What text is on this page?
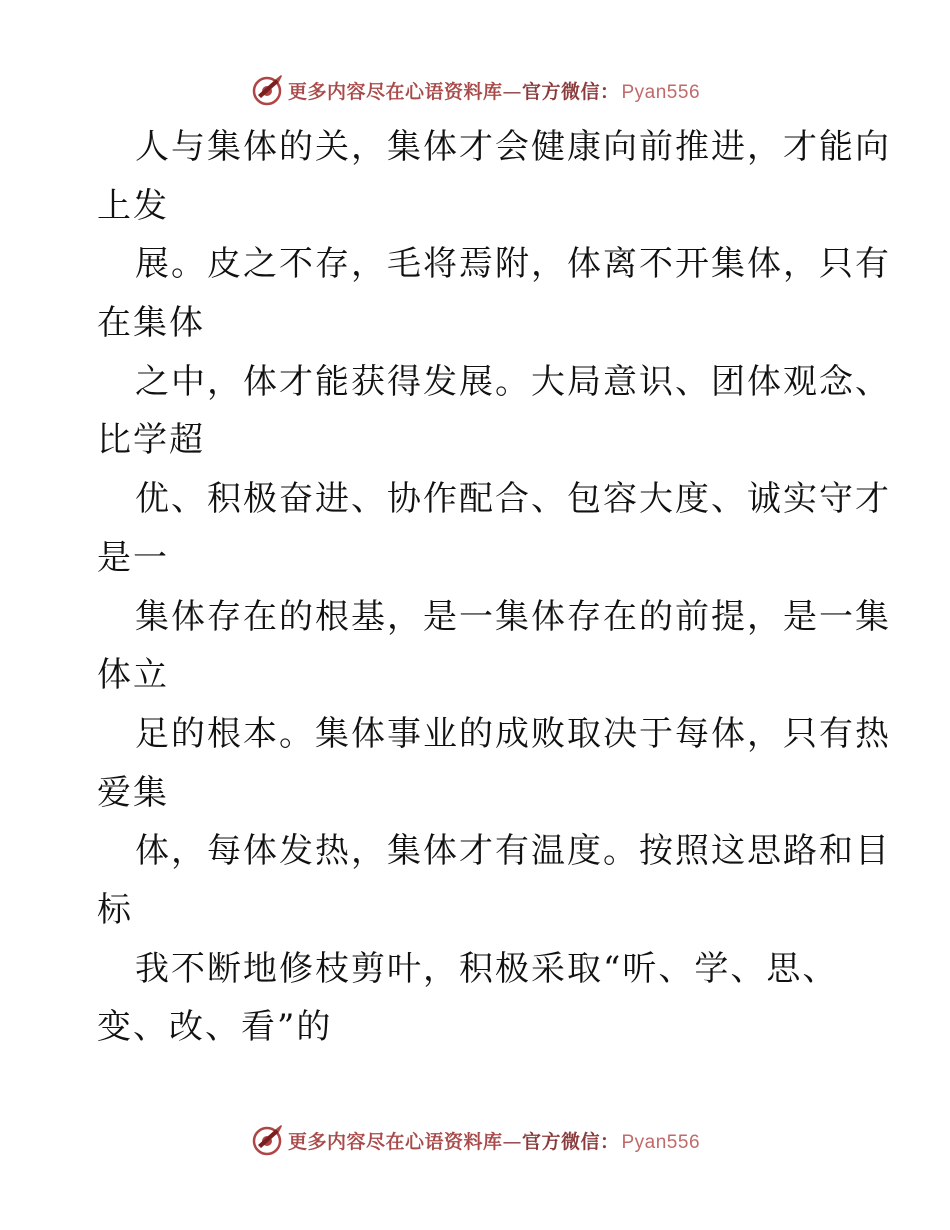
更多内容尽在心语资料库—官方微信： Pyan556
人与集体的关，集体才会健康向前推进，才能向
上发
展。皮之不存，毛将焉附，体离不开集体，只有
在集体
之中，体才能获得发展。大局意识、团体观念、
比学超
优、积极奋进、协作配合、包容大度、诚实守才
是一
集体存在的根基，是一集体存在的前提，是一集
体立
足的根本。集体事业的成败取决于每体，只有热
爱集
体，每体发热，集体才有温度。按照这思路和目
标
我不断地修枝剪叶，积极采取“听、学、思、
变、改、看”的
更多内容尽在心语资料库—官方微信： Pyan556
